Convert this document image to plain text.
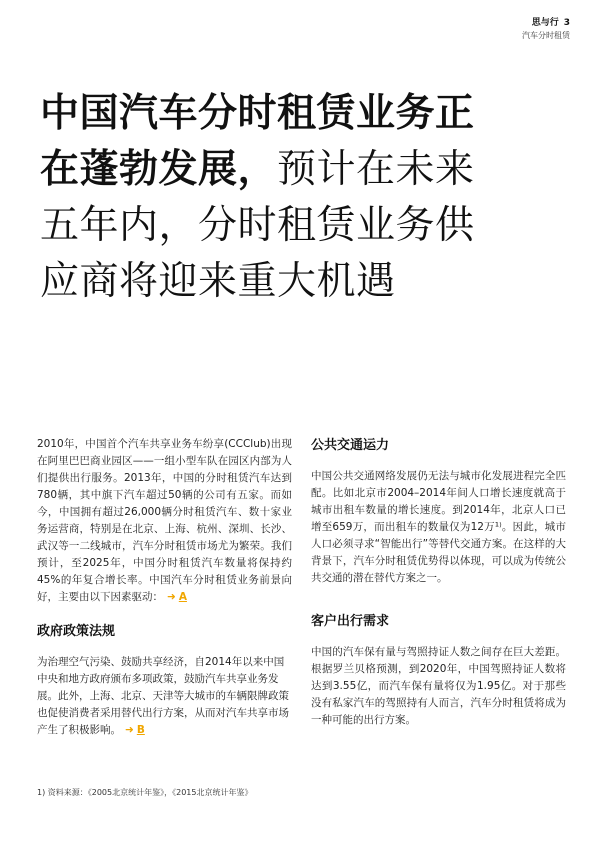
思与行 3
汽车分时租赁
中国汽车分时租赁业务正
在蓬勃发展，预计在未来
五年内，分时租赁业务供
应商将迎来重大机遇

2010年，中国首个汽车共享业务车纷享(CCClub)出现在阿里巴巴商业园区——一组小型车队在园区内部为人们提供出行服务。2013年，中国的分时租赁汽车达到780辆，其中旗下汽车超过50辆的公司有五家。而如今，中国拥有超过26,000辆分时租赁汽车、数十家业务运营商，特别是在北京、上海、杭州、深圳、长沙、武汉等一二线城市，汽车分时租赁市场尤为繁荣。我们预计，至2025年，中国分时租赁汽车数量将保持约45%的年复合增长率。中国汽车分时租赁业务前景向好，主要由以下因素驱动： ➜ A

政府政策法规

为治理空气污染、鼓励共享经济，自2014年以来中国中央和地方政府颁布多项政策，鼓励汽车共享业务发展。此外，上海、北京、天津等大城市的车辆限牌政策也促使消费者采用替代出行方案，从而对汽车共享市场产生了积极影响。 ➜ B

公共交通运力

中国公共交通网络发展仍无法与城市化发展进程完全匹配。比如北京市2004–2014年间人口增长速度就高于城市出租车数量的增长速度。到2014年，北京人口已增至659万，而出租车的数量仅为12万¹⁾。因此，城市人口必须寻求“智能出行”等替代交通方案。在这样的大背景下，汽车分时租赁优势得以体现，可以成为传统公共交通的潜在替代方案之一。

客户出行需求

中国的汽车保有量与驾照持证人数之间存在巨大差距。根据罗兰贝格预测，到2020年，中国驾照持证人数将达到3.55亿，而汽车保有量将仅为1.95亿。对于那些没有私家汽车的驾照持有人而言，汽车分时租赁将成为一种可能的出行方案。

1) 资料来源：《2005北京统计年鉴》，《2015北京统计年鉴》
